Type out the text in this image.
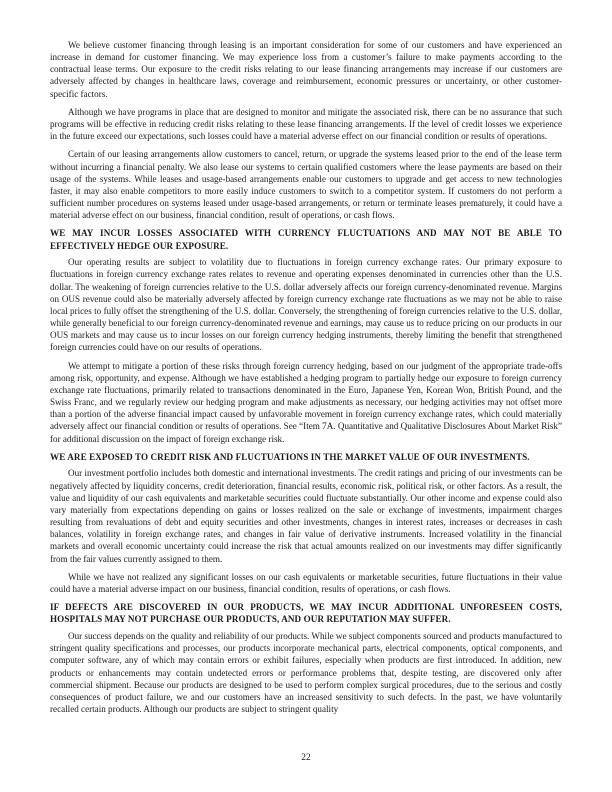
We believe customer financing through leasing is an important consideration for some of our customers and have experienced an increase in demand for customer financing. We may experience loss from a customer’s failure to make payments according to the contractual lease terms. Our exposure to the credit risks relating to our lease financing arrangements may increase if our customers are adversely affected by changes in healthcare laws, coverage and reimbursement, economic pressures or uncertainty, or other customer-specific factors.

Although we have programs in place that are designed to monitor and mitigate the associated risk, there can be no assurance that such programs will be effective in reducing credit risks relating to these lease financing arrangements. If the level of credit losses we experience in the future exceed our expectations, such losses could have a material adverse effect on our financial condition or results of operations.

Certain of our leasing arrangements allow customers to cancel, return, or upgrade the systems leased prior to the end of the lease term without incurring a financial penalty. We also lease our systems to certain qualified customers where the lease payments are based on their usage of the systems. While leases and usage-based arrangements enable our customers to upgrade and get access to new technologies faster, it may also enable competitors to more easily induce customers to switch to a competitor system. If customers do not perform a sufficient number procedures on systems leased under usage-based arrangements, or return or terminate leases prematurely, it could have a material adverse effect on our business, financial condition, result of operations, or cash flows.

WE MAY INCUR LOSSES ASSOCIATED WITH CURRENCY FLUCTUATIONS AND MAY NOT BE ABLE TO EFFECTIVELY HEDGE OUR EXPOSURE.

Our operating results are subject to volatility due to fluctuations in foreign currency exchange rates. Our primary exposure to fluctuations in foreign currency exchange rates relates to revenue and operating expenses denominated in currencies other than the U.S. dollar. The weakening of foreign currencies relative to the U.S. dollar adversely affects our foreign currency-denominated revenue. Margins on OUS revenue could also be materially adversely affected by foreign currency exchange rate fluctuations as we may not be able to raise local prices to fully offset the strengthening of the U.S. dollar. Conversely, the strengthening of foreign currencies relative to the U.S. dollar, while generally beneficial to our foreign currency-denominated revenue and earnings, may cause us to reduce pricing on our products in our OUS markets and may cause us to incur losses on our foreign currency hedging instruments, thereby limiting the benefit that strengthened foreign currencies could have on our results of operations.

We attempt to mitigate a portion of these risks through foreign currency hedging, based on our judgment of the appropriate trade-offs among risk, opportunity, and expense. Although we have established a hedging program to partially hedge our exposure to foreign currency exchange rate fluctuations, primarily related to transactions denominated in the Euro, Japanese Yen, Korean Won, British Pound, and the Swiss Franc, and we regularly review our hedging program and make adjustments as necessary, our hedging activities may not offset more than a portion of the adverse financial impact caused by unfavorable movement in foreign currency exchange rates, which could materially adversely affect our financial condition or results of operations. See “Item 7A. Quantitative and Qualitative Disclosures About Market Risk” for additional discussion on the impact of foreign exchange risk.

WE ARE EXPOSED TO CREDIT RISK AND FLUCTUATIONS IN THE MARKET VALUE OF OUR INVESTMENTS.

Our investment portfolio includes both domestic and international investments. The credit ratings and pricing of our investments can be negatively affected by liquidity concerns, credit deterioration, financial results, economic risk, political risk, or other factors. As a result, the value and liquidity of our cash equivalents and marketable securities could fluctuate substantially. Our other income and expense could also vary materially from expectations depending on gains or losses realized on the sale or exchange of investments, impairment charges resulting from revaluations of debt and equity securities and other investments, changes in interest rates, increases or decreases in cash balances, volatility in foreign exchange rates, and changes in fair value of derivative instruments. Increased volatility in the financial markets and overall economic uncertainty could increase the risk that actual amounts realized on our investments may differ significantly from the fair values currently assigned to them.

While we have not realized any significant losses on our cash equivalents or marketable securities, future fluctuations in their value could have a material adverse impact on our business, financial condition, results of operations, or cash flows.

IF DEFECTS ARE DISCOVERED IN OUR PRODUCTS, WE MAY INCUR ADDITIONAL UNFORESEEN COSTS, HOSPITALS MAY NOT PURCHASE OUR PRODUCTS, AND OUR REPUTATION MAY SUFFER.

Our success depends on the quality and reliability of our products. While we subject components sourced and products manufactured to stringent quality specifications and processes, our products incorporate mechanical parts, electrical components, optical components, and computer software, any of which may contain errors or exhibit failures, especially when products are first introduced. In addition, new products or enhancements may contain undetected errors or performance problems that, despite testing, are discovered only after commercial shipment. Because our products are designed to be used to perform complex surgical procedures, due to the serious and costly consequences of product failure, we and our customers have an increased sensitivity to such defects. In the past, we have voluntarily recalled certain products. Although our products are subject to stringent quality

22
